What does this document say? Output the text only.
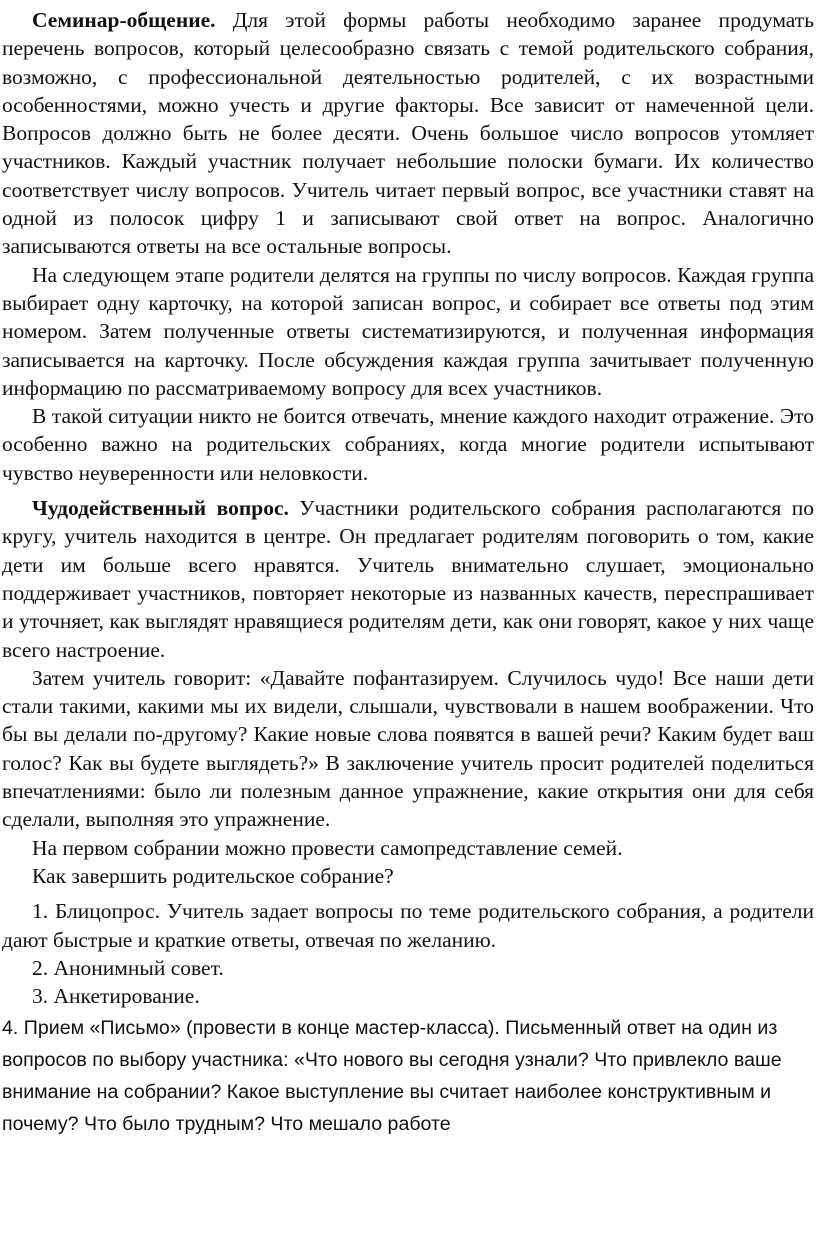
Семинар-общение. Для этой формы работы необходимо заранее продумать перечень вопросов, который целесообразно связать с темой родительского собрания, возможно, с профессиональной деятельностью родителей, с их возрастными особенностями, можно учесть и другие факторы. Все зависит от намеченной цели. Вопросов должно быть не более десяти. Очень большое число вопросов утомляет участников. Каждый участник получает небольшие полоски бумаги. Их количество соответствует числу вопросов. Учитель читает первый вопрос, все участники ставят на одной из полосок цифру 1 и записывают свой ответ на вопрос. Аналогично записываются ответы на все остальные вопросы.

На следующем этапе родители делятся на группы по числу вопросов. Каждая группа выбирает одну карточку, на которой записан вопрос, и собирает все ответы под этим номером. Затем полученные ответы систематизируются, и полученная информация записывается на карточку. После обсуждения каждая группа зачитывает полученную информацию по рассматриваемому вопросу для всех участников.

В такой ситуации никто не боится отвечать, мнение каждого находит отражение. Это особенно важно на родительских собраниях, когда многие родители испытывают чувство неуверенности или неловкости.

Чудодейственный вопрос. Участники родительского собрания располагаются по кругу, учитель находится в центре. Он предлагает родителям поговорить о том, какие дети им больше всего нравятся. Учитель внимательно слушает, эмоционально поддерживает участников, повторяет некоторые из названных качеств, переспрашивает и уточняет, как выглядят нравящиеся родителям дети, как они говорят, какое у них чаще всего настроение.

Затем учитель говорит: «Давайте пофантазируем. Случилось чудо! Все наши дети стали такими, какими мы их видели, слышали, чувствовали в нашем воображении. Что бы вы делали по-другому? Какие новые слова появятся в вашей речи? Каким будет ваш голос? Как вы будете выглядеть?» В заключение учитель просит родителей поделиться впечатлениями: было ли полезным данное упражнение, какие открытия они для себя сделали, выполняя это упражнение.

На первом собрании можно провести самопредставление семей.

Как завершить родительское собрание?

1. Блицопрос. Учитель задает вопросы по теме родительского собрания, а родители дают быстрые и краткие ответы, отвечая по желанию.

2. Анонимный совет.

3. Анкетирование.

4. Прием «Письмо» (провести в конце мастер-класса). Письменный ответ на один из вопросов по выбору участника: «Что нового вы сегодня узнали? Что привлекло ваше внимание на собрании? Какое выступление вы считает наиболее конструктивным и почему? Что было трудным? Что мешало работе
